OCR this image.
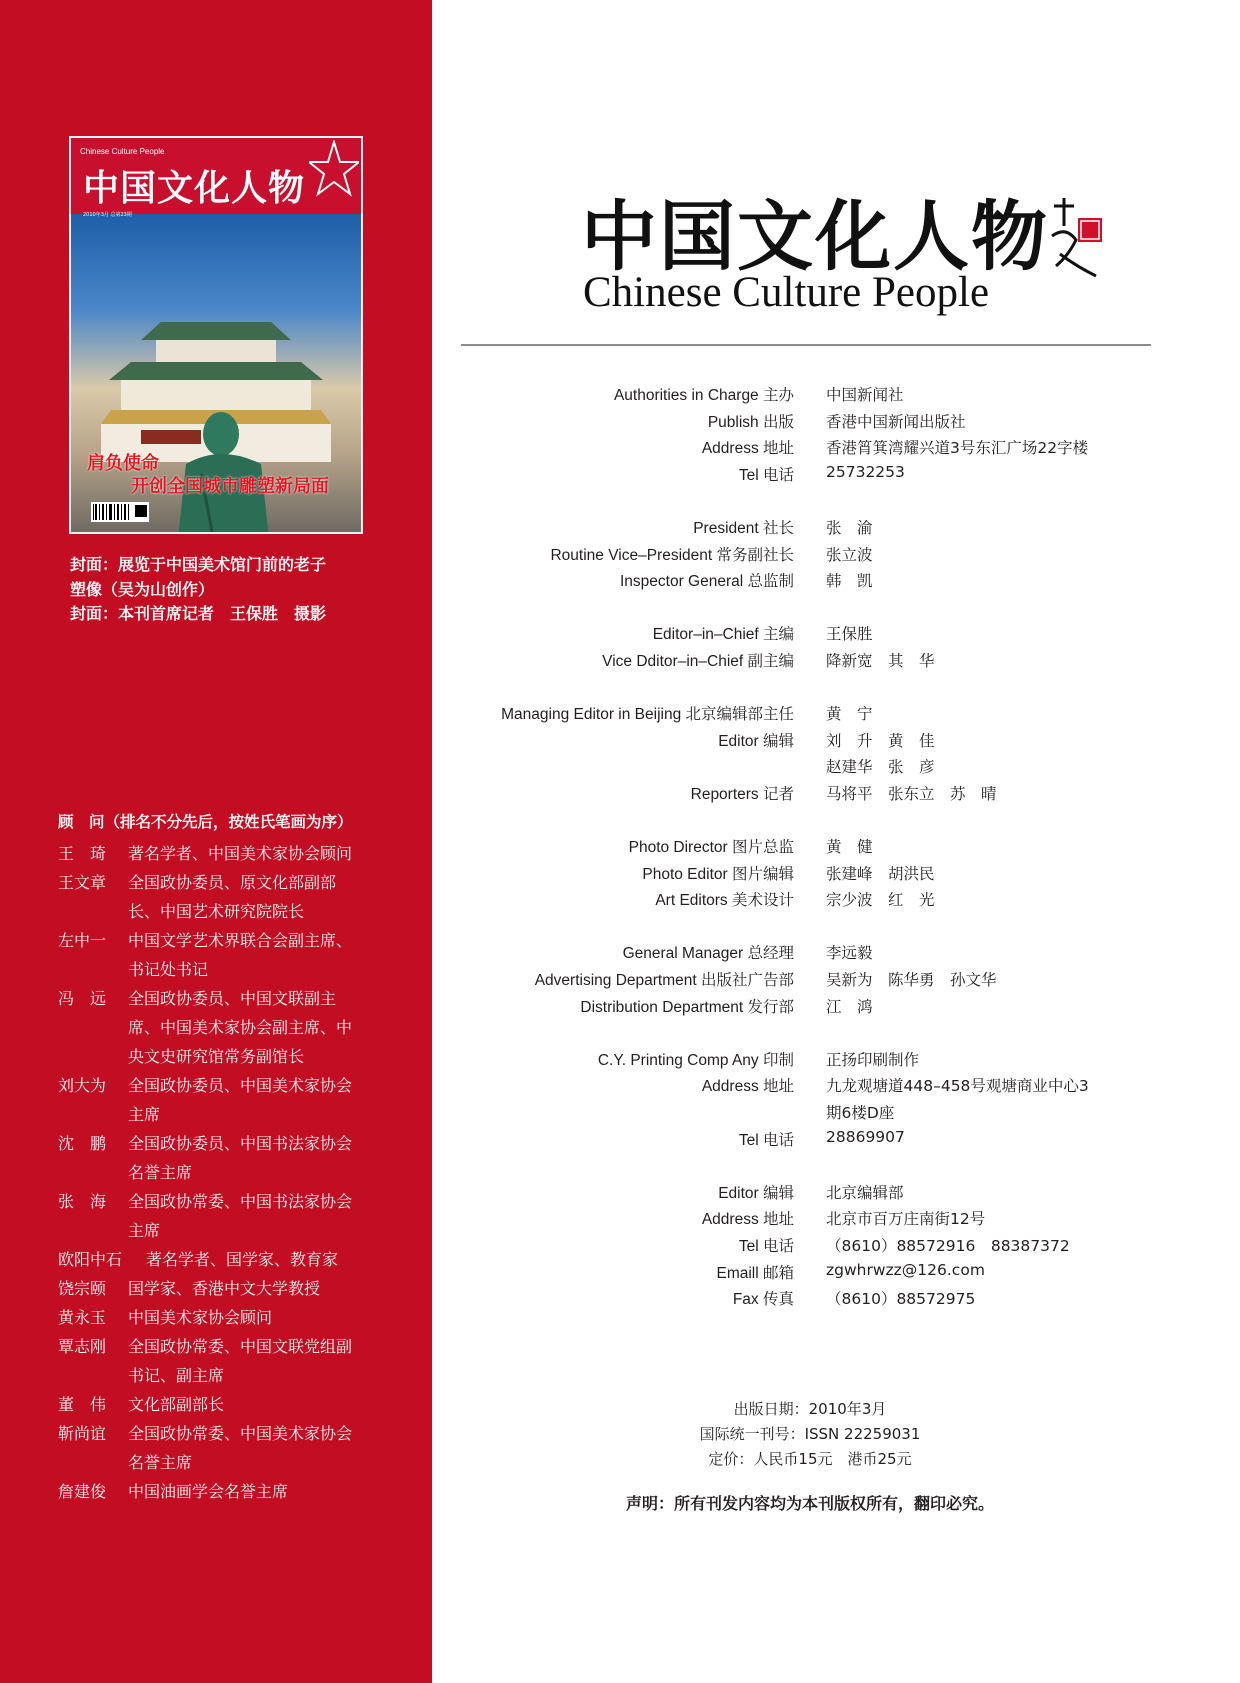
Chinese Culture People
中国文化人物
2010年3月 总第23期
肩负使命
开创全国城市雕塑新局面
封面：展览于中国美术馆门前的老子
塑像（吴为山创作）
封面：本刊首席记者　王保胜　摄影
顾　问（排名不分先后，按姓氏笔画为序）
王　琦	著名学者、中国美术家协会顾问
王文章	全国政协委员、原文化部副部
长、中国艺术研究院院长
左中一	中国文学艺术界联合会副主席、
书记处书记
冯　远	全国政协委员、中国文联副主
席、中国美术家协会副主席、中
央文史研究馆常务副馆长
刘大为	全国政协委员、中国美术家协会
主席
沈　鹏	全国政协委员、中国书法家协会
名誉主席
张　海	全国政协常委、中国书法家协会
主席
欧阳中石	著名学者、国学家、教育家
饶宗颐	国学家、香港中文大学教授
黄永玉	中国美术家协会顾问
覃志刚	全国政协常委、中国文联党组副
书记、副主席
董　伟	文化部副部长
靳尚谊	全国政协常委、中国美术家协会
名誉主席
詹建俊	中国油画学会名誉主席
中国文化人物
Chinese Culture People
Authorities in Charge 主办 中国新闻社
Publish 出版 香港中国新闻出版社
Address 地址 香港筲箕湾耀兴道3号东汇广场22字楼
Tel 电话 25732253
President 社长 张　渝
Routine Vice–President 常务副社长 张立波
Inspector General 总监制 韩　凯
Editor–in–Chief 主编 王保胜
Vice Dditor–in–Chief 副主编 降新宽　其　华
Managing Editor in Beijing 北京编辑部主任 黄　宁
Editor 编辑 刘　升　黄　佳
赵建华　张　彦
Reporters 记者 马将平　张东立　苏　晴
Photo Director 图片总监 黄　健
Photo Editor 图片编辑 张建峰　胡洪民
Art Editors 美术设计 宗少波　红　光
General Manager 总经理 李远毅
Advertising Department 出版社广告部 吴新为　陈华勇　孙文华
Distribution Department 发行部 江　鸿
C.Y. Printing Comp Any 印制 正扬印刷制作
Address 地址 九龙观塘道448–458号观塘商业中心3
期6楼D座
Tel 电话 28869907
Editor 编辑 北京编辑部
Address 地址 北京市百万庄南街12号
Tel 电话 （8610）88572916　88387372
Emaill 邮箱 zgwhrwzz@126.com
Fax 传真 （8610）88572975
出版日期：2010年3月
国际统一刊号：ISSN 22259031
定价：人民币15元　港币25元
声明：所有刊发内容均为本刊版权所有，翻印必究。
